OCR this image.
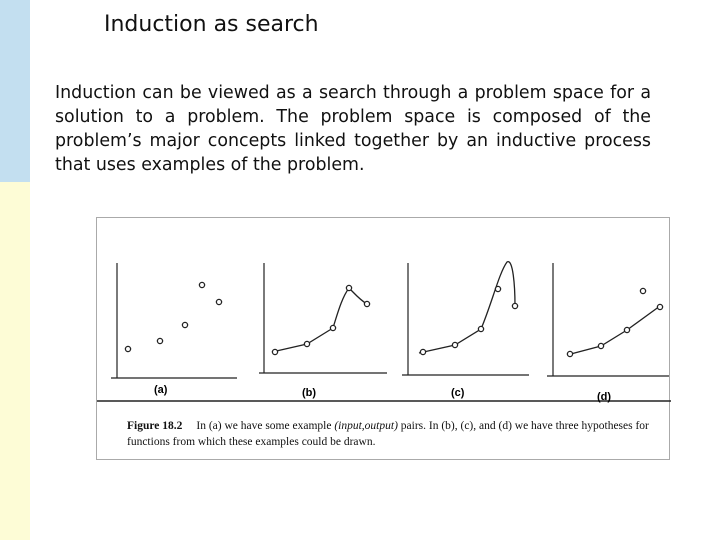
Induction as search
Induction can be viewed as a search through a problem space for a solution to a problem. The problem space is composed of the problem’s major concepts linked together by an inductive process that uses examples of the problem.
(a)	(b)	(c)	(d)
Figure 18.2 In (a) we have some example (input,output) pairs. In (b), (c), and (d) we have three hypotheses for functions from which these examples could be drawn.
